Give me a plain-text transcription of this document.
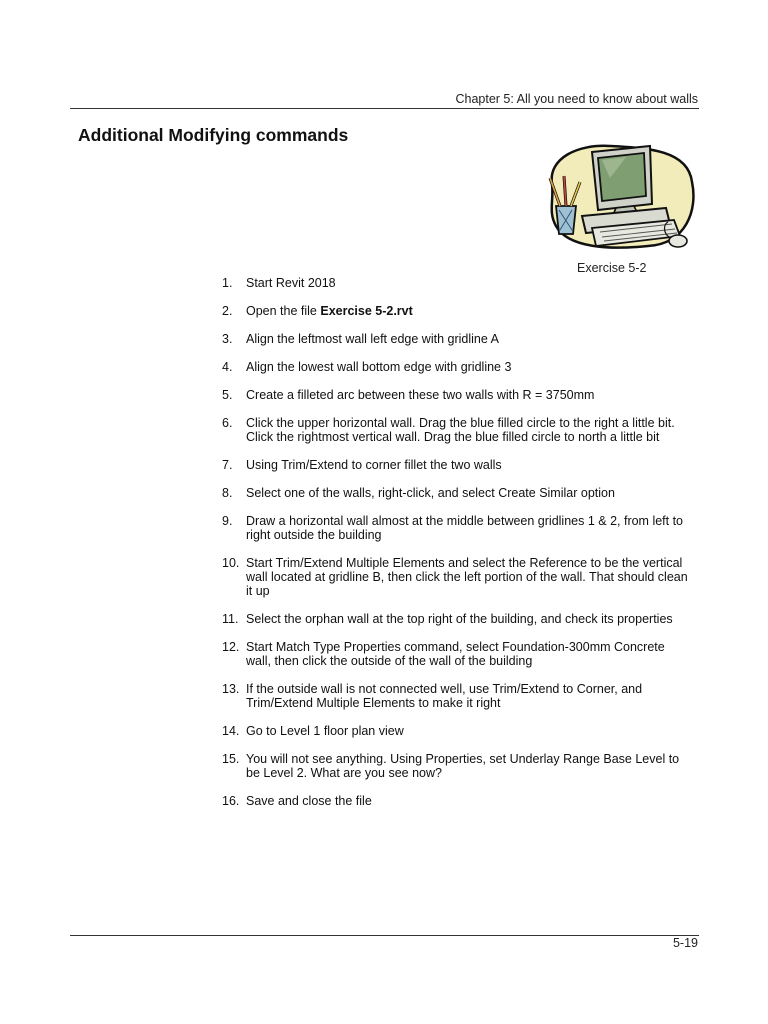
Chapter 5: All you need to know about walls
Additional Modifying commands
Exercise 5-2
1.	Start Revit 2018
2.	Open the file Exercise 5-2.rvt
3.	Align the leftmost wall left edge with gridline A
4.	Align the lowest wall bottom edge with gridline 3
5.	Create a filleted arc between these two walls with R = 3750mm
6.	Click the upper horizontal wall. Drag the blue filled circle to the right a little bit. Click the rightmost vertical wall. Drag the blue filled circle to north a little bit
7.	Using Trim/Extend to corner fillet the two walls
8.	Select one of the walls, right-click, and select Create Similar option
9.	Draw a horizontal wall almost at the middle between gridlines 1 & 2, from left to right outside the building
10. Start Trim/Extend Multiple Elements and select the Reference to be the vertical wall located at gridline B, then click the left portion of the wall. That should clean it up
11. Select the orphan wall at the top right of the building, and check its properties
12. Start Match Type Properties command, select Foundation-300mm Concrete wall, then click the outside of the wall of the building
13. If the outside wall is not connected well, use Trim/Extend to Corner, and Trim/Extend Multiple Elements to make it right
14. Go to Level 1 floor plan view
15. You will not see anything. Using Properties, set Underlay Range Base Level to be Level 2. What are you see now?
16. Save and close the file
5-19
